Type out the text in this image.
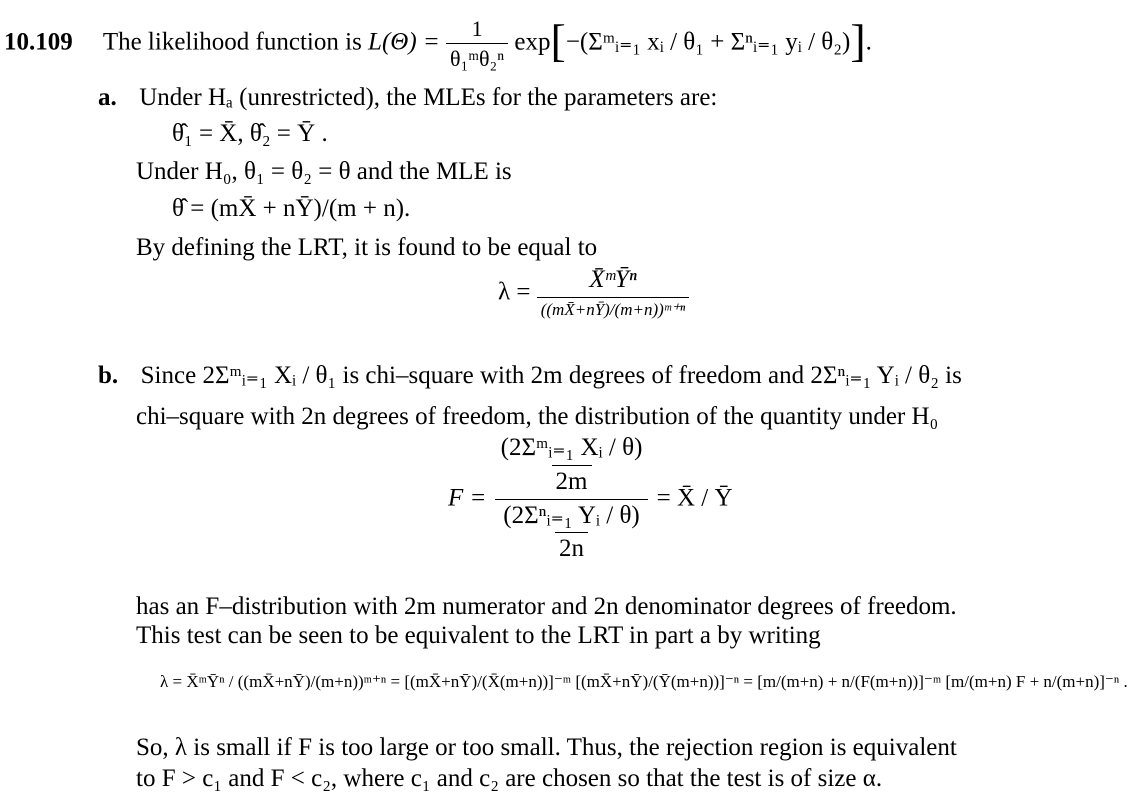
10.109 The likelihood function is $L(\Theta) = \frac{1}{\text{θ₁ᵐθ₂ⁿ}}$ exp[−(Σᵐᵢ₌₁ xᵢ / θ₁ + Σⁿᵢ₌₁ yᵢ / θ₂)].
a. Under Hₐ (unrestricted), the MLEs for the parameters are:
θ̂₁ = X̄, θ̂₂ = Ȳ .
Under H₀, θ₁ = θ₂ = θ and the MLE is
θ̂ = (mX̄ + nȲ)/(m + n).
By defining the LRT, it is found to be equal to
$\lambda = \frac{\text{X̄ᵐȲⁿ}}{\text{((mX̄+nȲ)/(m+n))ᵐ⁺ⁿ}}$
b. Since 2Σᵐᵢ₌₁ Xᵢ / θ₁ is chi–square with 2m degrees of freedom and 2Σⁿᵢ₌₁ Yᵢ / θ₂ is
chi–square with 2n degrees of freedom, the distribution of the quantity under H₀
$F = \frac{\frac{\text{(2Σᵐᵢ₌₁ Xᵢ / θ)}}{2m}}{\frac{\text{(2Σⁿᵢ₌₁ Yᵢ / θ)}}{2n}}$ = X̄ / Ȳ
has an F–distribution with 2m numerator and 2n denominator degrees of freedom.
This test can be seen to be equivalent to the LRT in part a by writing
λ = X̄ᵐȲⁿ / ((mX̄+nȲ)/(m+n))ᵐ⁺ⁿ = [(mX̄+nȲ)/(X̄(m+n))]⁻ᵐ [(mX̄+nȲ)/(Ȳ(m+n))]⁻ⁿ = [m/(m+n) + n/(F(m+n))]⁻ᵐ [m/(m+n) F + n/(m+n)]⁻ⁿ .
So, λ is small if F is too large or too small. Thus, the rejection region is equivalent
to F > c₁ and F < c₂, where c₁ and c₂ are chosen so that the test is of size α.
